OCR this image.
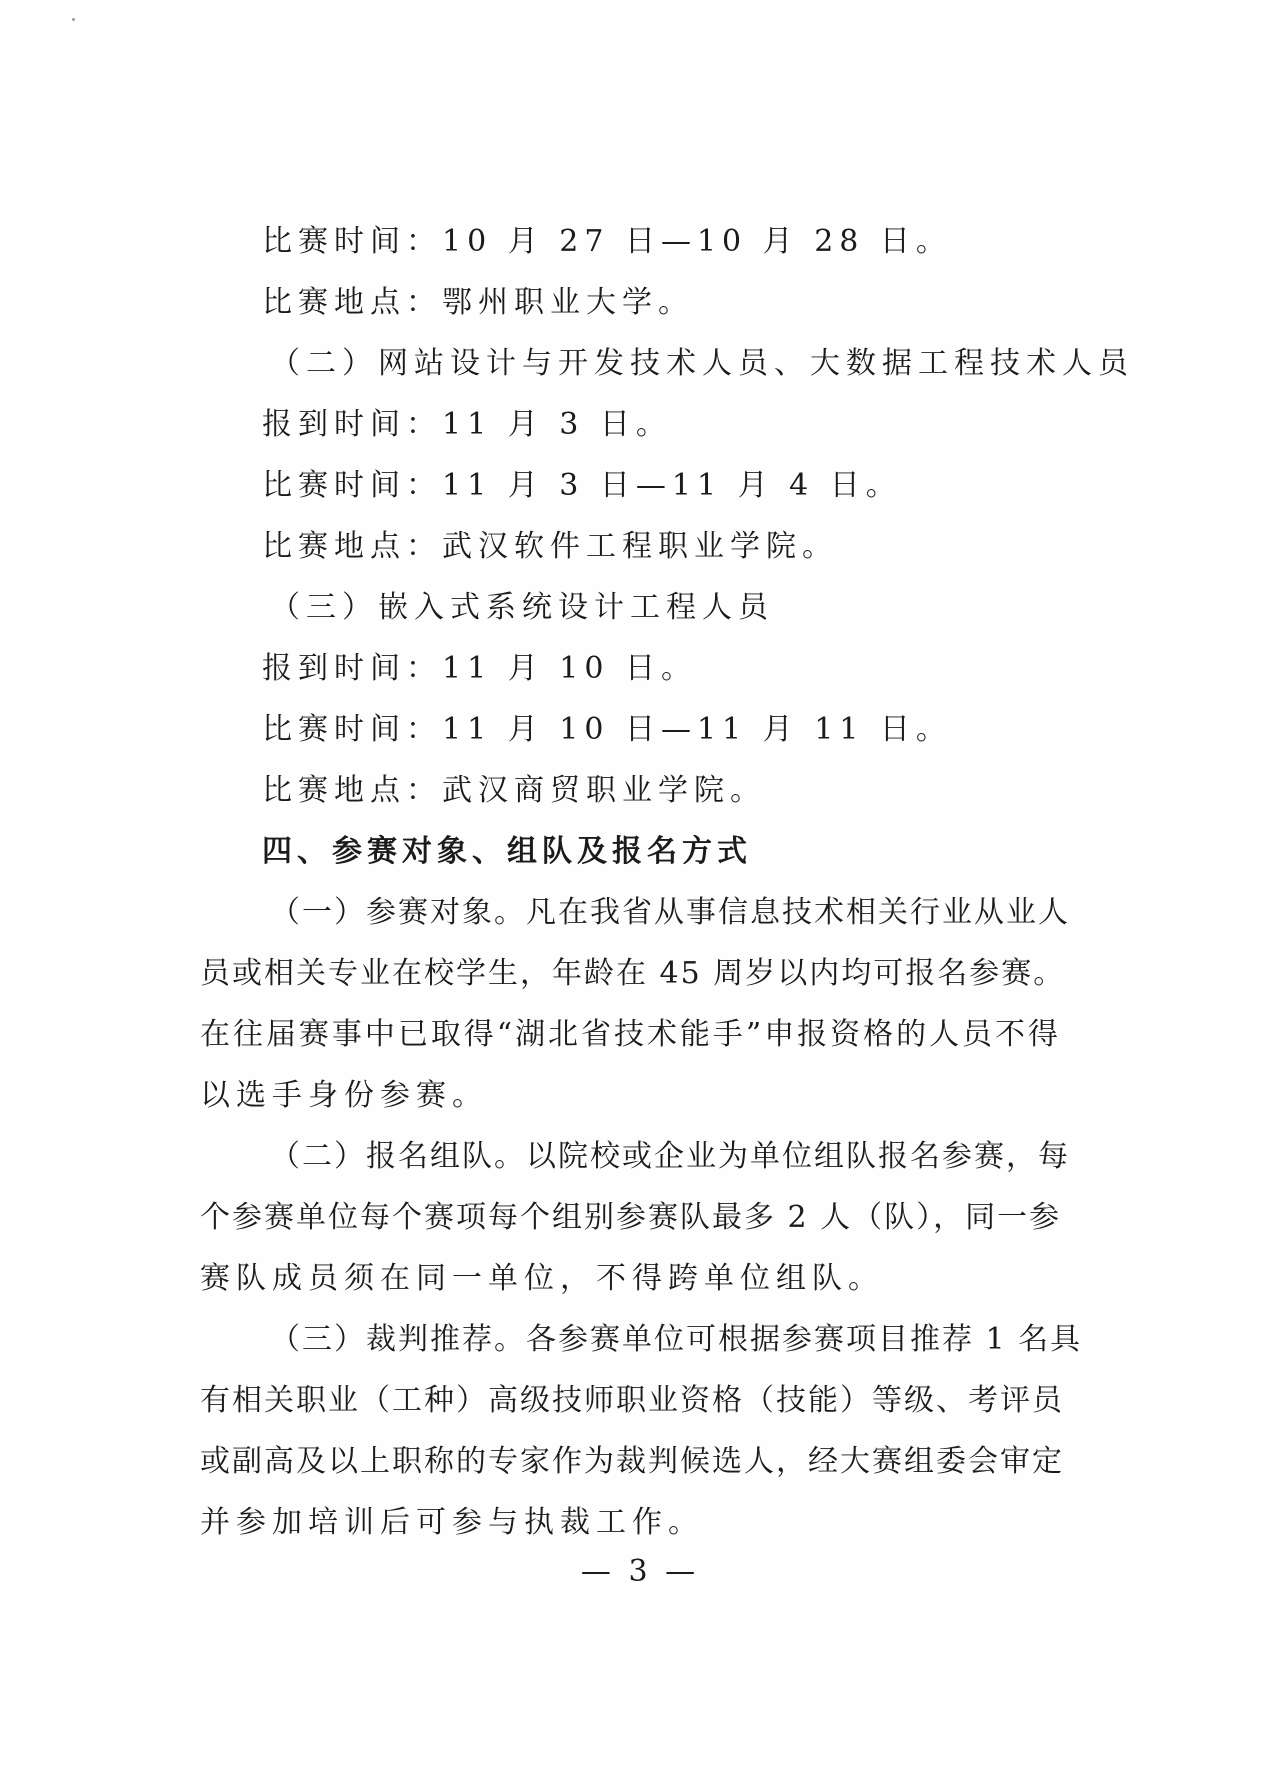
比赛时间：10 月 27 日—10 月 28 日。
比赛地点：鄂州职业大学。
（二）网站设计与开发技术人员、大数据工程技术人员
报到时间：11 月 3 日。
比赛时间：11 月 3 日—11 月 4 日。
比赛地点：武汉软件工程职业学院。
（三）嵌入式系统设计工程人员
报到时间：11 月 10 日。
比赛时间：11 月 10 日—11 月 11 日。
比赛地点：武汉商贸职业学院。
四、参赛对象、组队及报名方式
（一）参赛对象。凡在我省从事信息技术相关行业从业人
员或相关专业在校学生，年龄在 45 周岁以内均可报名参赛。
在往届赛事中已取得“湖北省技术能手”申报资格的人员不得
以选手身份参赛。
（二）报名组队。以院校或企业为单位组队报名参赛，每
个参赛单位每个赛项每个组别参赛队最多 2 人（队），同一参
赛队成员须在同一单位，不得跨单位组队。
（三）裁判推荐。各参赛单位可根据参赛项目推荐 1 名具
有相关职业（工种）高级技师职业资格（技能）等级、考评员
或副高及以上职称的专家作为裁判候选人，经大赛组委会审定
并参加培训后可参与执裁工作。
— 3 —
